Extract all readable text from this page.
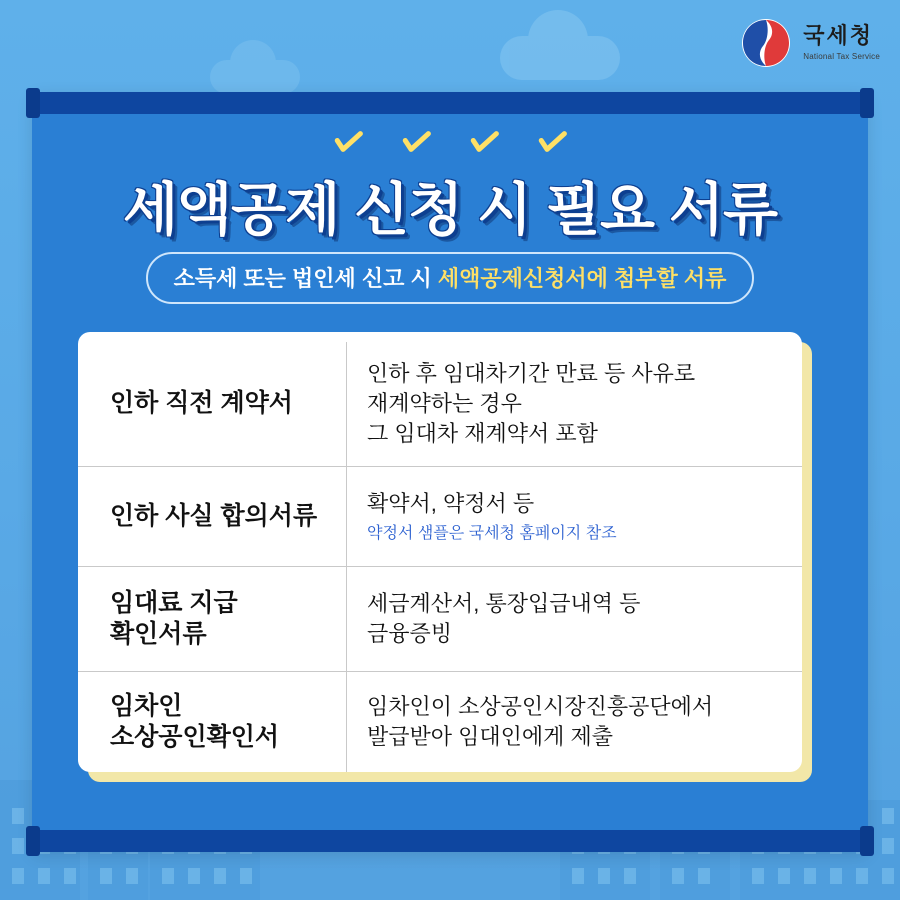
국세청
National Tax Service
세액공제 신청 시 필요 서류
소득세 또는 법인세 신고 시 세액공제신청서에 첨부할 서류
인하 직전 계약서
인하 후 임대차기간 만료 등 사유로
재계약하는 경우
그 임대차 재계약서 포함
인하 사실 합의서류	확약서, 약정서 등
약정서 샘플은 국세청 홈페이지 참조
임대료 지급
확인서류
세금계산서, 통장입금내역 등
금융증빙
임차인
소상공인확인서
임차인이 소상공인시장진흥공단에서
발급받아 임대인에게 제출
